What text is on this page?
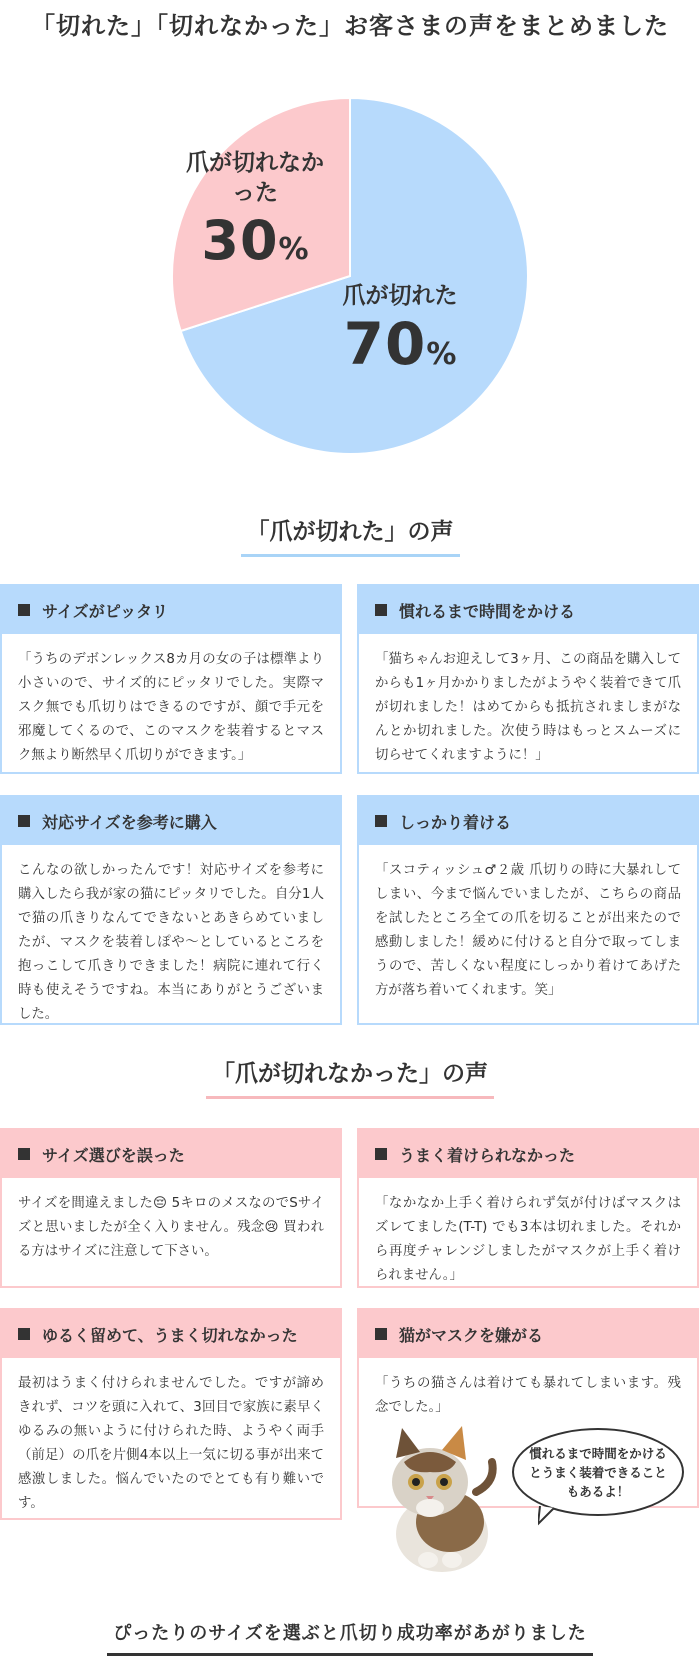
「切れた」「切れなかった」お客さまの声をまとめました
爪が切れなかった
30%
爪が切れた
70%
「爪が切れた」の声
サイズがピッタリ
「うちのデボンレックス8カ月の女の子は標準より小さいので、サイズ的にピッタリでした。実際マスク無でも爪切りはできるのですが、顔で手元を邪魔してくるので、このマスクを装着するとマスク無より断然早く爪切りができます。」
慣れるまで時間をかける
「猫ちゃんお迎えして3ヶ月、この商品を購入してからも1ヶ月かかりましたがようやく装着できて爪が切れました！はめてからも抵抗されましまがなんとか切れました。次使う時はもっとスムーズに切らせてくれますように！」
対応サイズを参考に購入
こんなの欲しかったんです！対応サイズを参考に購入したら我が家の猫にピッタリでした。自分1人で猫の爪きりなんてできないとあきらめていましたが、マスクを装着しぽや〜としているところを抱っこして爪きりできました！病院に連れて行く時も使えそうですね。本当にありがとうございました。
しっかり着ける
「スコティッシュ♂２歳 爪切りの時に大暴れしてしまい、今まで悩んでいましたが、こちらの商品を試したところ全ての爪を切ることが出来たので感動しました！緩めに付けると自分で取ってしまうので、苦しくない程度にしっかり着けてあげた方が落ち着いてくれます。笑」
「爪が切れなかった」の声
サイズ選びを誤った
サイズを間違えました😔 5キロのメスなのでSサイズと思いましたが全く入りません。残念😢 買われる方はサイズに注意して下さい。
うまく着けられなかった
「なかなか上手く着けられず気が付けばマスクはズレてました(T-T) でも3本は切れました。それから再度チャレンジしましたがマスクが上手く着けられません。」
ゆるく留めて、うまく切れなかった
最初はうまく付けられませんでした。ですが諦めきれず、コツを頭に入れて、3回目で家族に素早くゆるみの無いように付けられた時、ようやく両手（前足）の爪を片側4本以上一気に切る事が出来て感激しました。悩んでいたのでとても有り難いです。
猫がマスクを嫌がる
「うちの猫さんは着けても暴れてしまいます。残念でした。」
慣れるまで時間をかけるとうまく装着できることもあるよ！
ぴったりのサイズを選ぶと爪切り成功率があがりました
